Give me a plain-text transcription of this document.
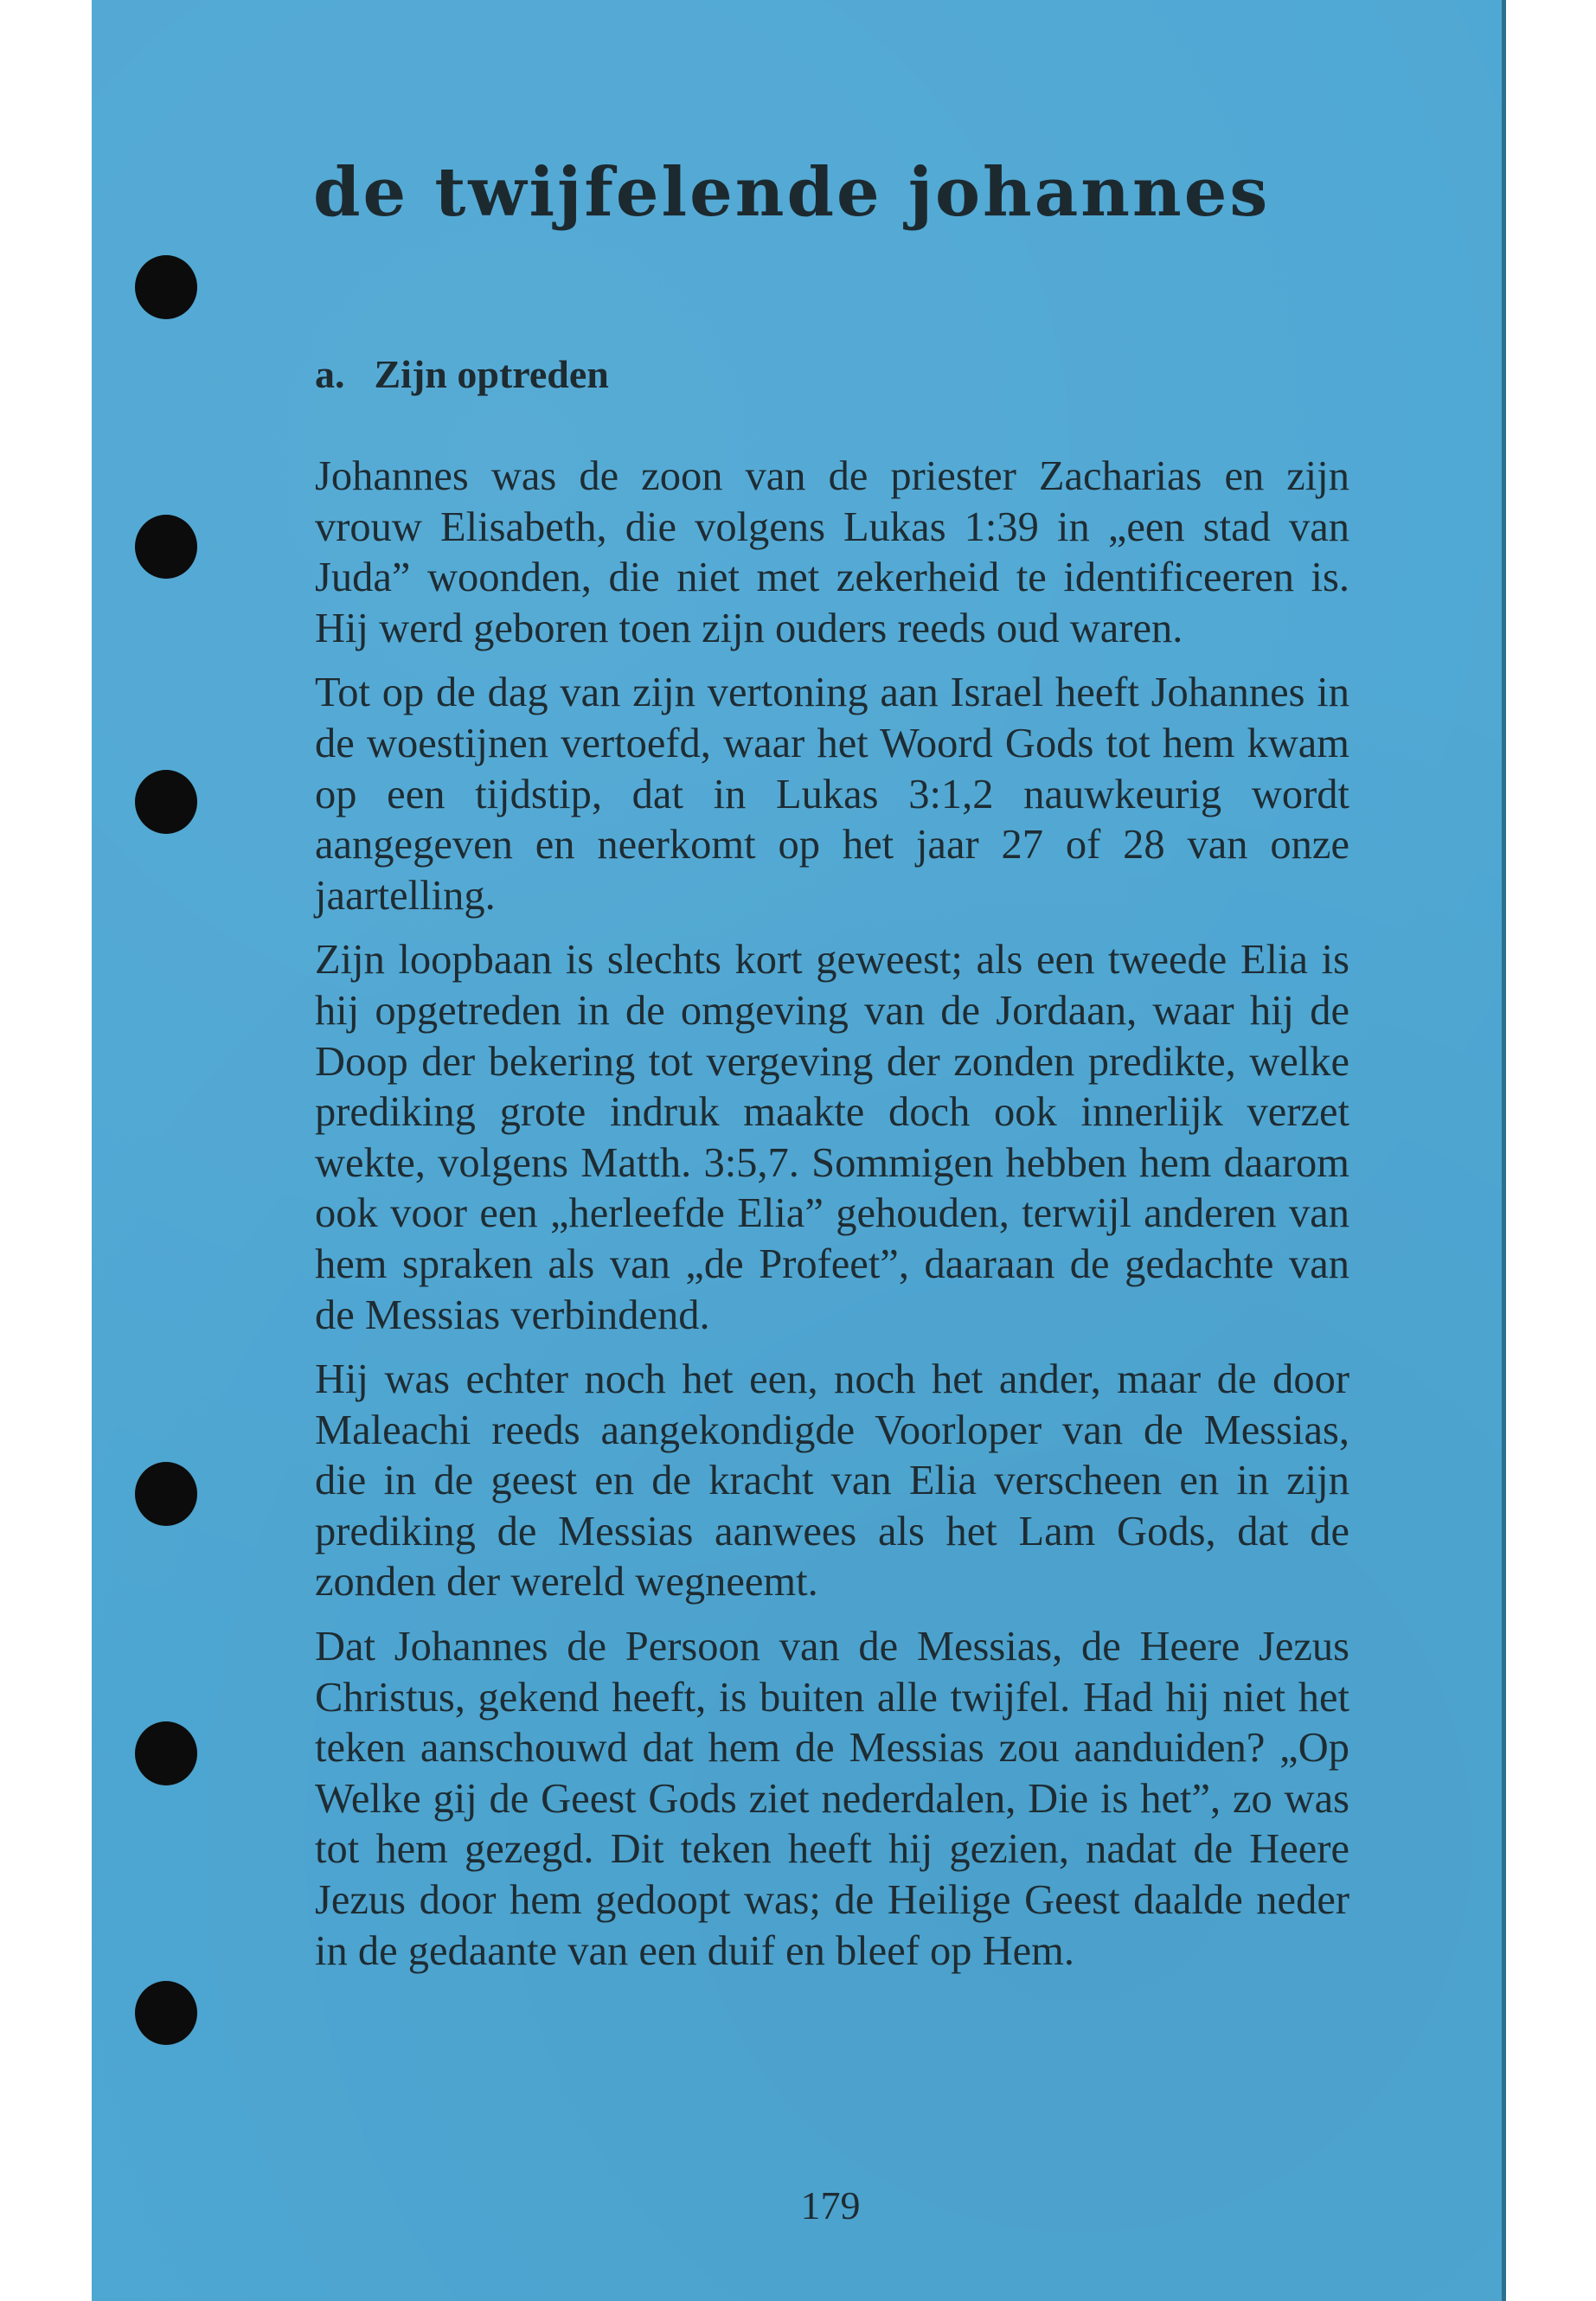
de twijfelende johannes
a. Zijn optreden

Johannes was de zoon van de priester Zacharias en zijn vrouw Elisabeth, die volgens Lukas 1:39 in „een stad van Juda” woonden, die niet met zekerheid te identificeeren is. Hij werd geboren toen zijn ouders reeds oud waren.

Tot op de dag van zijn vertoning aan Israel heeft Johannes in de woestijnen vertoefd, waar het Woord Gods tot hem kwam op een tijdstip, dat in Lukas 3:1,2 nauwkeurig wordt aangegeven en neerkomt op het jaar 27 of 28 van onze jaartelling.

Zijn loopbaan is slechts kort geweest; als een tweede Elia is hij opgetreden in de omgeving van de Jordaan, waar hij de Doop der bekering tot vergeving der zonden predikte, welke prediking grote indruk maakte doch ook innerlijk verzet wekte, volgens Matth. 3:5,7. Sommigen hebben hem daarom ook voor een „herleefde Elia” gehouden, terwijl anderen van hem spraken als van „de Profeet”, daaraan de gedachte van de Messias verbindend.

Hij was echter noch het een, noch het ander, maar de door Maleachi reeds aangekondigde Voorloper van de Messias, die in de geest en de kracht van Elia verscheen en in zijn prediking de Messias aanwees als het Lam Gods, dat de zonden der wereld wegneemt.

Dat Johannes de Persoon van de Messias, de Heere Jezus Christus, gekend heeft, is buiten alle twijfel. Had hij niet het teken aanschouwd dat hem de Messias zou aanduiden? „Op Welke gij de Geest Gods ziet nederdalen, Die is het”, zo was tot hem gezegd. Dit teken heeft hij gezien, nadat de Heere Jezus door hem gedoopt was; de Heilige Geest daalde neder in de gedaante van een duif en bleef op Hem.

179
